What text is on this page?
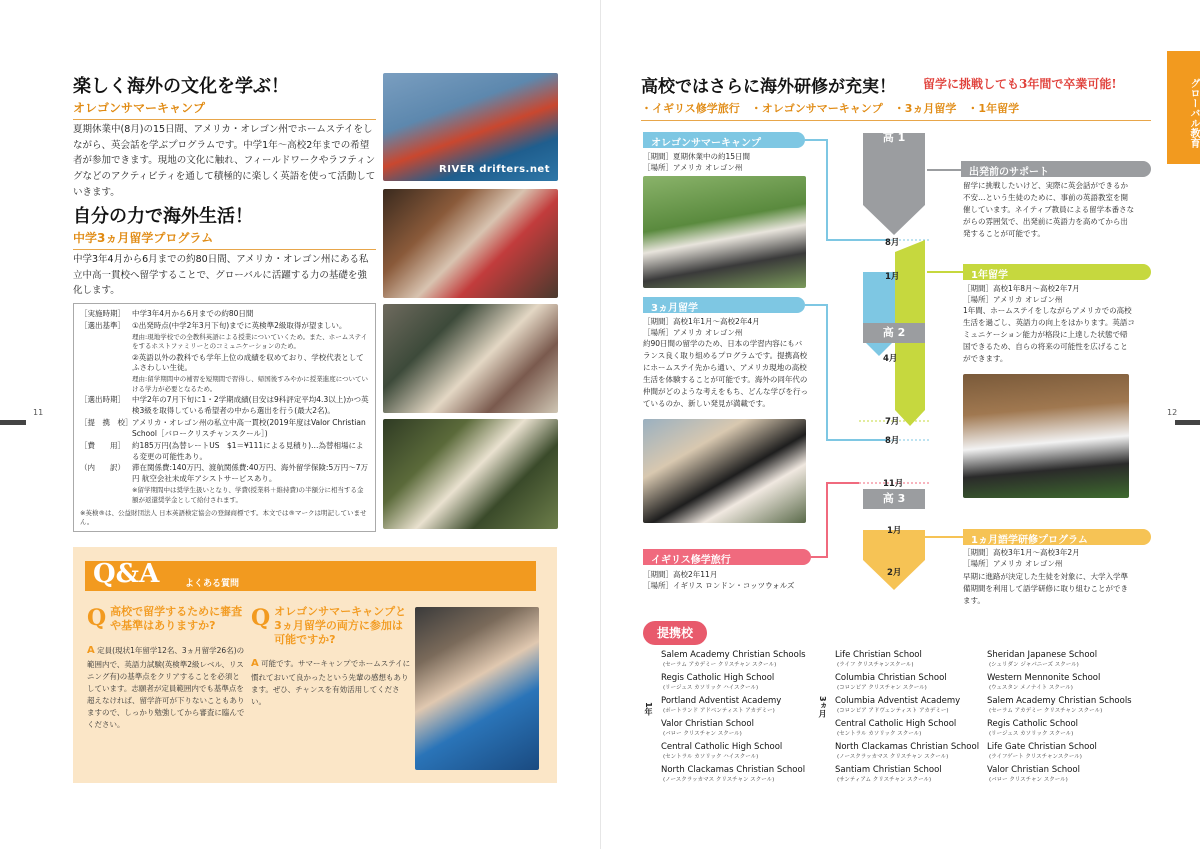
楽しく海外の文化を学ぶ！
オレゴンサマーキャンプ

夏期休業中(8月)の15日間、アメリカ・オレゴン州でホームステイをしながら、英会話を学ぶプログラムです。中学1年〜高校2年までの希望者が参加できます。現地の文化に触れ、フィールドワークやラフティングなどのアクティビティを通して積極的に楽しく英語を使って活動していきます。

RIVER drifters.net
自分の力で海外生活！
中学3ヵ月留学プログラム

中学3年4月から6月までの約80日間、アメリカ・オレゴン州にある私立中高一貫校へ留学することで、グローバルに活躍する力の基礎を強化します。

［実施時期］ 中学3年4月から6月までの約80日間
［選出基準］ ①出発時点(中学2年3月下旬)までに英検準2級取得が望ましい。
理由:現地学校での全教科英語による授業についていくため。また、ホームステイをするホストファミリーとのコミュニケーションのため。
②英語以外の教科でも学年上位の成績を収めており、学校代表としてふさわしい生徒。
理由:留学期間中の補習を短期間で習得し、帰国後すみやかに授業進度についていける学力が必要となるため。
［選出時期］ 中学2年の7月下旬に1・2学期成績(目安は9科評定平均4.3以上)かつ英検3級を取得している希望者の中から選出を行う(最大2名)。
［提　携　校］ アメリカ・オレゴン州の私立中高一貫校(2019年度はValor Christian School［バロークリスチャンスクール］)
［費　　用］ 約185万円(為替レートUS　$1＝¥111による見積り)…為替相場による変更の可能性あり。
（内　　訳） 滞在関係費:140万円、渡航関係費:40万円、海外留学保険:5万円〜7万円 航空会社未成年アシストサービスあり。
※留学期間中は奨学生扱いとなり、学費(授業料＋維持費)の半額分に相当する金額が返還奨学金として給付されます。
※英検®は、公益財団法人 日本英語検定協会の登録商標です。本文では®マークは明記していません。
Q&A	よくある質問
Q 高校で留学するために審査や基準はありますか?
A 定員(現状1年留学12名、3ヵ月留学26名)の範囲内で、英語力試験(英検準2級レベル、リスニング有)の基準点をクリアすることを必須としています。志願者が定員範囲内でも基準点を超えなければ、留学許可が下りないこともありますので、しっかり勉強してから審査に臨んでください。
Q オレゴンサマーキャンプと3ヵ月留学の両方に参加は可能ですか?
A 可能です。サマーキャンプでホームステイに慣れておいて良かったという先輩の感想もあります。ぜひ、チャンスを有効活用してください。
11
高校ではさらに海外研修が充実！ 留学に挑戦しても3年間で卒業可能!
・イギリス修学旅行　・オレゴンサマーキャンプ　・3ヵ月留学　・1年留学	グローバル教育
高 1
高 2
高 3
8月
1月
4月
7月
8月
11月
1月
2月
オレゴンサマーキャンプ
［期間］夏期休業中の約15日間
［場所］アメリカ オレゴン州
3ヵ月留学
［期間］高校1年1月〜高校2年4月
［場所］アメリカ オレゴン州

約90日間の留学のため、日本の学習内容にもバランス良く取り組めるプログラムです。提携高校にホームステイ先から通い、アメリカ現地の高校生活を体験することが可能です。海外の同年代の仲間がどのような考えをもち、どんな学びを行っているのか、新しい発見が満載です。

イギリス修学旅行
［期間］高校2年11月
［場所］イギリス ロンドン・コッツウォルズ
出発前のサポート

留学に挑戦したいけど、実際に英会話ができるか不安…という生徒のために、事前の英語教室を開催しています。ネイティブ教員による留学本番さながらの雰囲気で、出発前に英語力を高めてから出発することが可能です。

1年留学
［期間］高校1年8月〜高校2年7月
［場所］アメリカ オレゴン州

1年間、ホームステイをしながらアメリカでの高校生活を過ごし、英語力の向上をはかります。英語コミュニケーション能力が格段に上達した状態で帰国できるため、自らの将来の可能性を広げることができます。

1ヵ月語学研修プログラム
［期間］高校3年1月〜高校3年2月
［場所］アメリカ オレゴン州

早期に進路が決定した生徒を対象に、大学入学準備期間を利用して語学研修に取り組むことができます。

提携校
1年	3ヵ月
Salem Academy Christian Schools
(セーラム アカデミー クリスチャン スクール)
Regis Catholic High School
(リージェス カソリック ハイスクール)
Portland Adventist Academy
(ポートランド アドベンティスト アカデミー)
Valor Christian School
(バロー クリスチャン スクール)
Central Catholic High School
(セントラル カソリック ハイスクール)
North Clackamas Christian School
(ノースクラッカマス クリスチャン スクール)
Life Christian School
(ライフ クリスチャンスクール)
Columbia Christian School
(コロンビア クリスチャン スクール)
Columbia Adventist Academy
(コロンビア アドヴェンティスト アカデミー)
Central Catholic High School
(セントラル カソリック スクール)
North Clackamas Christian School
(ノースクラッカマス クリスチャン スクール)
Santiam Christian School
(サンティアム クリスチャン スクール)
Sheridan Japanese School
(シェリダン ジャパニーズ スクール)
Western Mennonite School
(ウェスタン メノナイト スクール)
Salem Academy Christian Schools
(セーラム アカデミー クリスチャン スクール)
Regis Catholic School
(リージェス カソリック スクール)
Life Gate Christian School
(ライフゲート クリスチャンスクール)
Valor Christian School
(バロー クリスチャン スクール)
12
